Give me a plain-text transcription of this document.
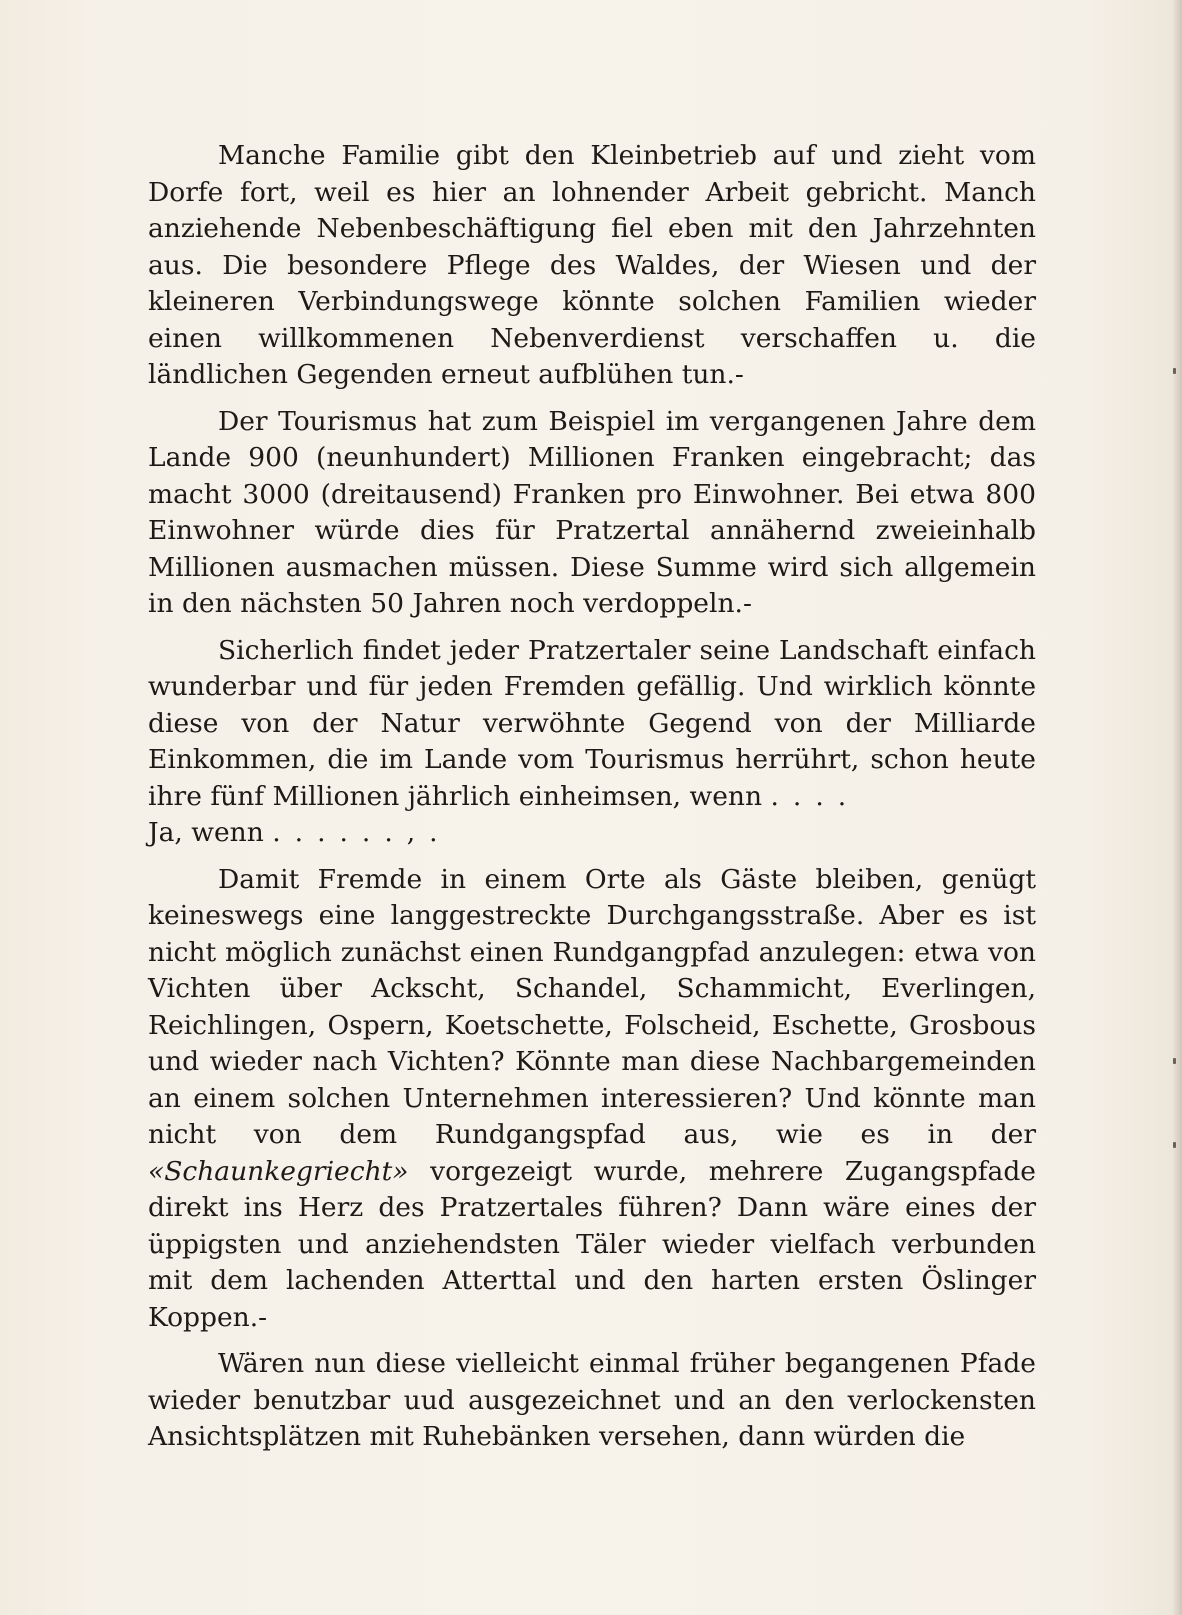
Manche Familie gibt den Kleinbetrieb auf und zieht vom Dorfe fort, weil es hier an lohnender Arbeit gebricht. Manch anziehende Nebenbeschäftigung fiel eben mit den Jahrzehnten aus. Die besondere Pflege des Waldes, der Wiesen und der kleineren Verbindungswege könnte solchen Familien wieder einen willkommenen Nebenverdienst verschaffen u. die ländlichen Gegenden erneut aufblühen tun.-

Der Tourismus hat zum Beispiel im vergangenen Jahre dem Lande 900 (neunhundert) Millionen Franken eingebracht; das macht 3000 (dreitausend) Franken pro Einwohner. Bei etwa 800 Einwohner würde dies für Pratzertal annähernd zweieinhalb Millionen ausmachen müssen. Diese Summe wird sich allgemein in den nächsten 50 Jahren noch verdoppeln.-

Sicherlich findet jeder Pratzertaler seine Landschaft einfach wunderbar und für jeden Fremden gefällig. Und wirklich könnte diese von der Natur verwöhnte Gegend von der Milliarde Einkommen, die im Lande vom Tourismus herrührt, schon heute ihre fünf Millionen jährlich einheimsen, wenn ....

Ja, wenn ......,.

Damit Fremde in einem Orte als Gäste bleiben, genügt keineswegs eine langgestreckte Durchgangsstraße. Aber es ist nicht möglich zunächst einen Rundgangpfad anzulegen: etwa von Vichten über Ackscht, Schandel, Schammicht, Everlingen, Reichlingen, Ospern, Koetschette, Folscheid, Eschette, Grosbous und wieder nach Vichten? Könnte man diese Nachbargemeinden an einem solchen Unternehmen interessieren? Und könnte man nicht von dem Rundgangspfad aus, wie es in der «Schaunkegriecht» vorgezeigt wurde, mehrere Zugangspfade direkt ins Herz des Pratzertales führen? Dann wäre eines der üppigsten und anziehendsten Täler wieder vielfach verbunden mit dem lachenden Atterttal und den harten ersten Öslinger Koppen.-

Wären nun diese vielleicht einmal früher begangenen Pfade wieder benutzbar uud ausgezeichnet und an den verlockensten Ansichtsplätzen mit Ruhebänken versehen, dann würden die
